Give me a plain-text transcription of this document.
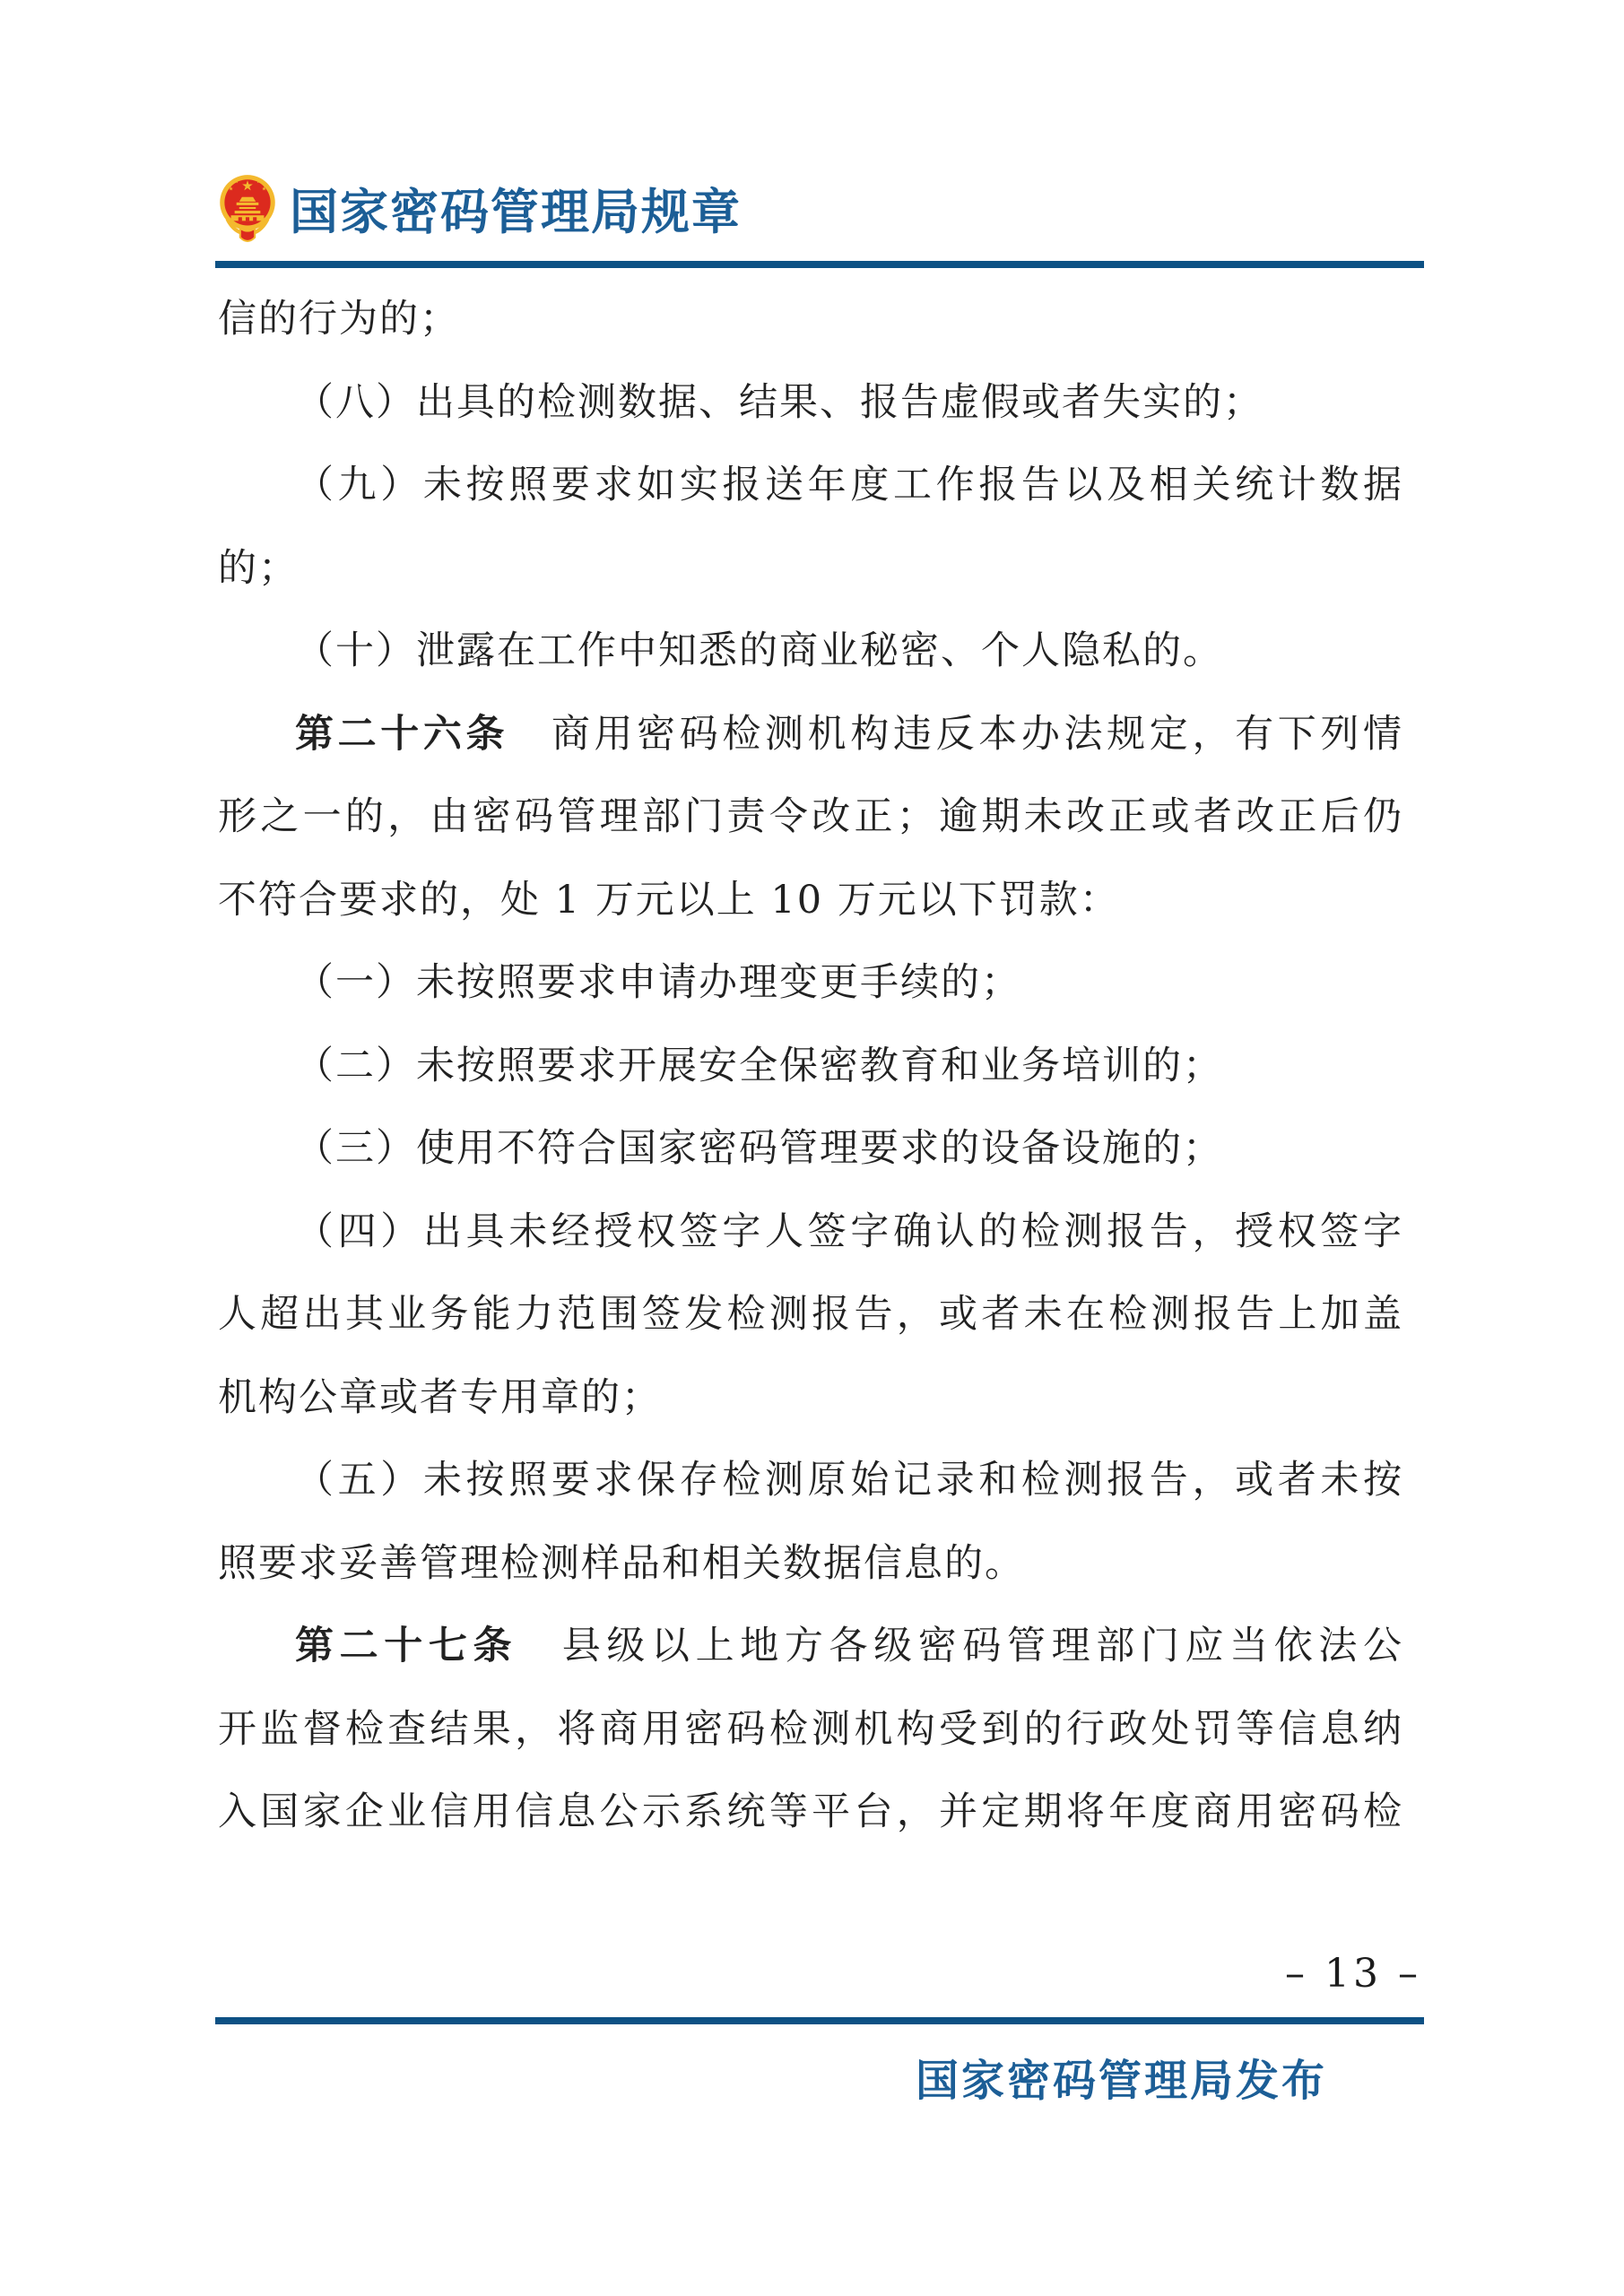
国家密码管理局规章
信的行为的；
（八）出具的检测数据、结果、报告虚假或者失实的；
（九）未按照要求如实报送年度工作报告以及相关统计数据
的；
（十）泄露在工作中知悉的商业秘密、个人隐私的。
第二十六条　商用密码检测机构违反本办法规定，有下列情
形之一的，由密码管理部门责令改正；逾期未改正或者改正后仍
不符合要求的，处 1 万元以上 10 万元以下罚款：
（一）未按照要求申请办理变更手续的；
（二）未按照要求开展安全保密教育和业务培训的；
（三）使用不符合国家密码管理要求的设备设施的；
（四）出具未经授权签字人签字确认的检测报告，授权签字
人超出其业务能力范围签发检测报告，或者未在检测报告上加盖
机构公章或者专用章的；
（五）未按照要求保存检测原始记录和检测报告，或者未按
照要求妥善管理检测样品和相关数据信息的。
第二十七条　县级以上地方各级密码管理部门应当依法公
开监督检查结果，将商用密码检测机构受到的行政处罚等信息纳
入国家企业信用信息公示系统等平台，并定期将年度商用密码检
– 13 –
国家密码管理局发布
